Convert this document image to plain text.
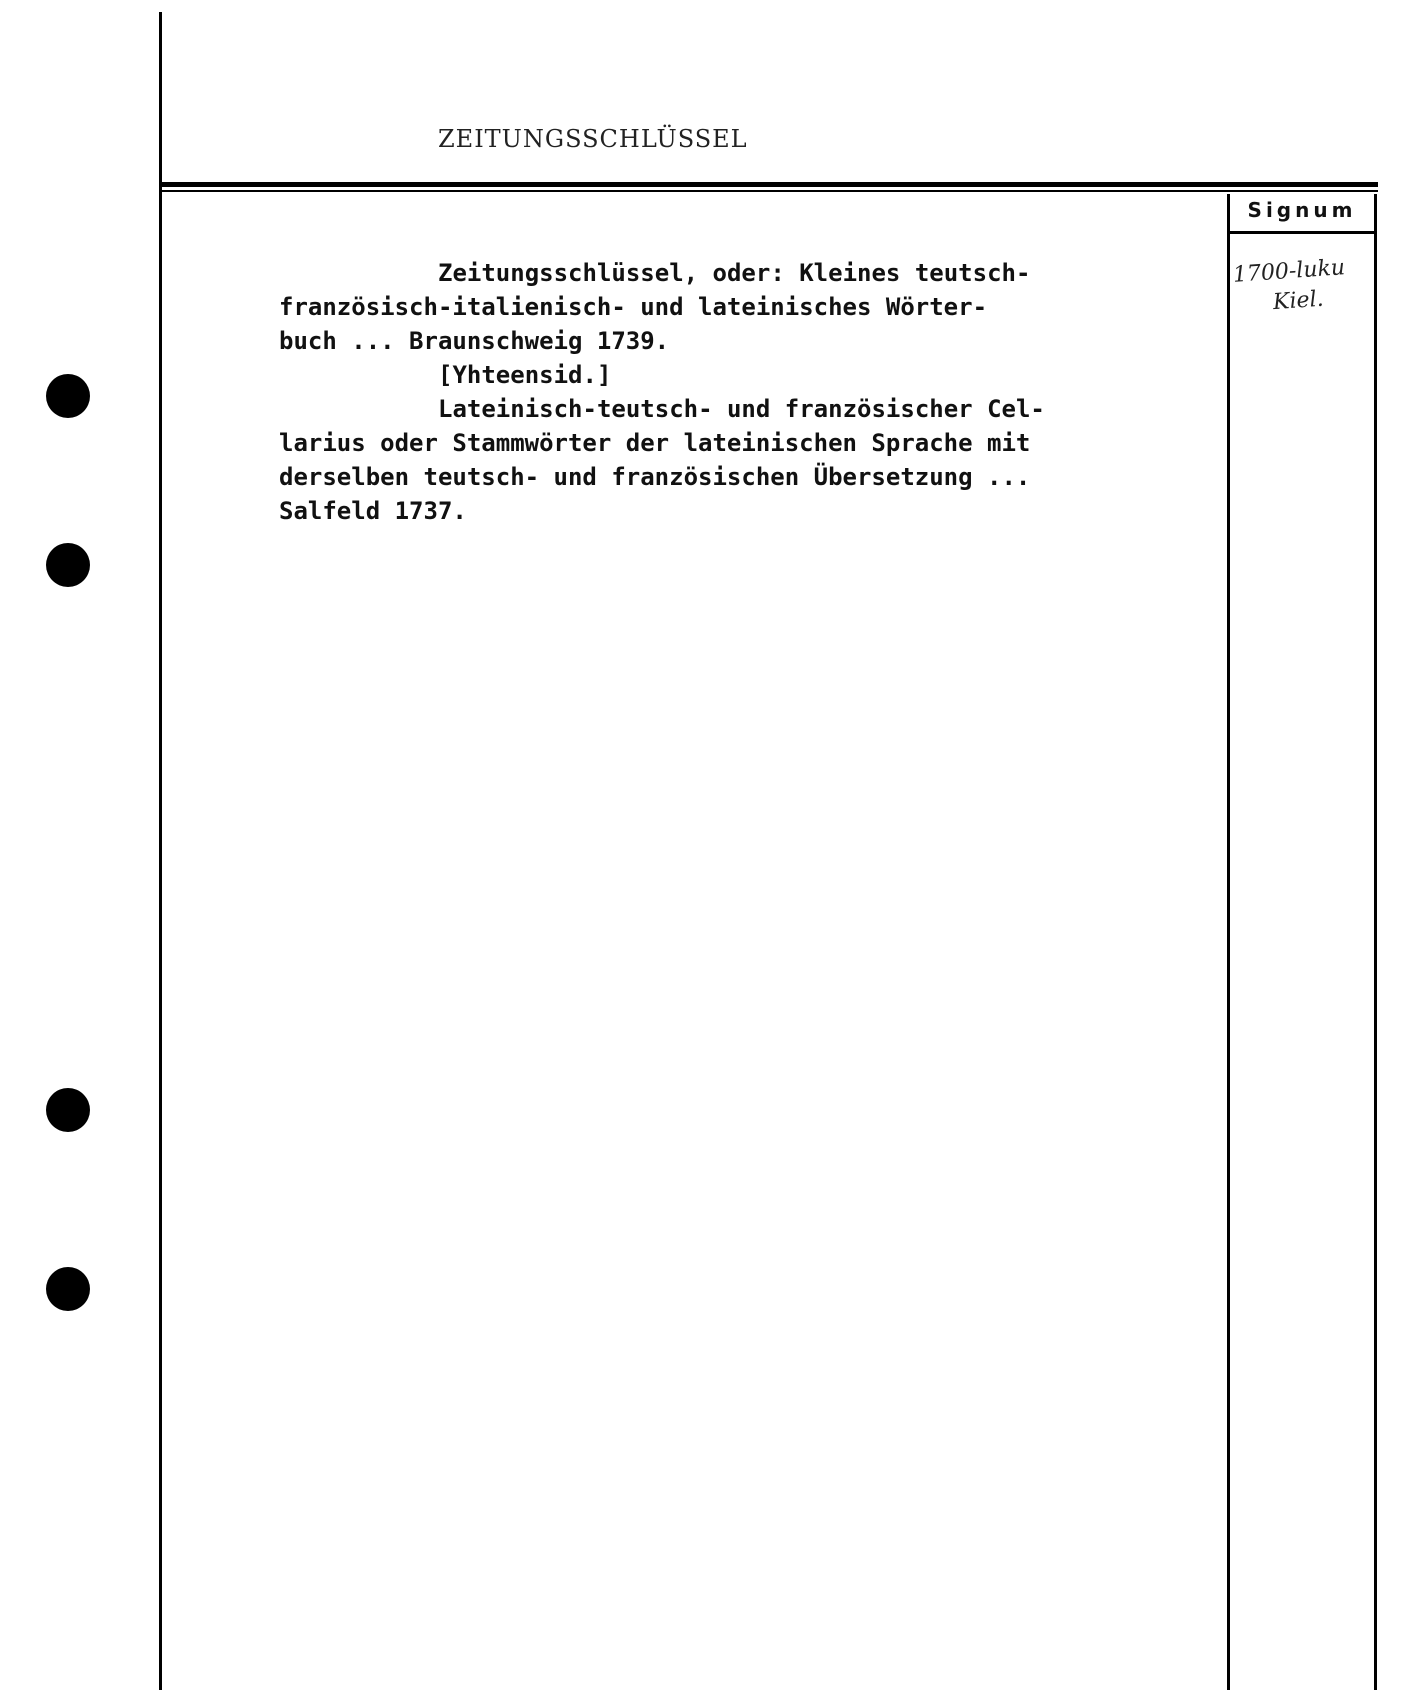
ZEITUNGSSCHLÜSSEL
Signum
1700-luku
Kiel.
Zeitungsschlüssel, oder: Kleines teutsch-
französisch-italienisch- und lateinisches Wörter-
buch ... Braunschweig 1739.
[Yhteensid.]
Lateinisch-teutsch- und französischer Cel-
larius oder Stammwörter der lateinischen Sprache mit
derselben teutsch- und französischen Übersetzung ...
Salfeld 1737.
